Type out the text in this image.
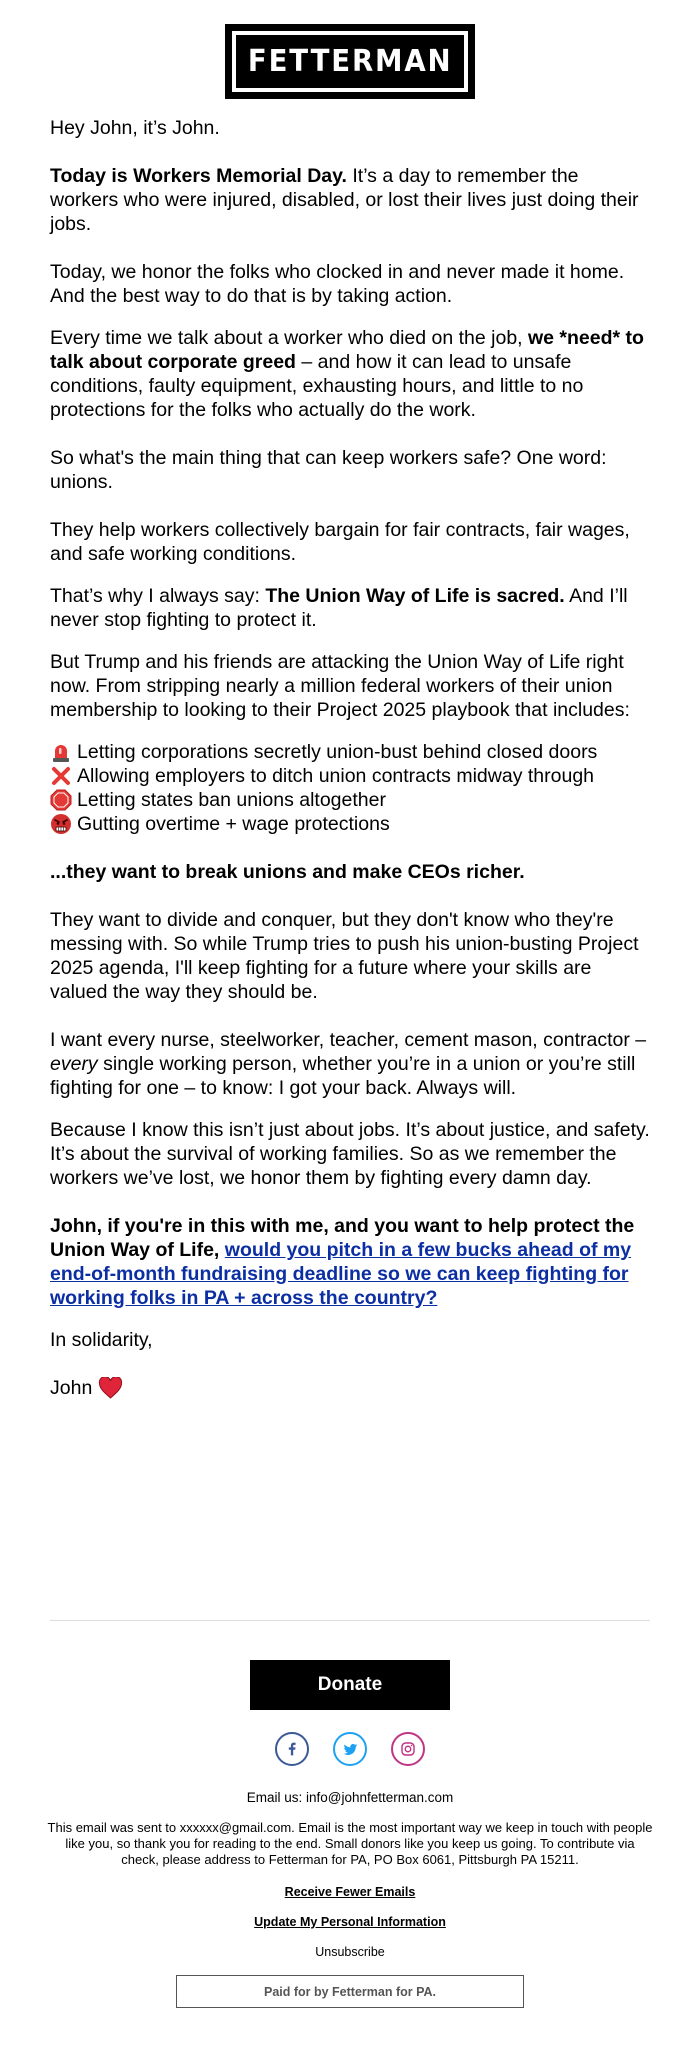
FETTERMAN

Hey John, it’s John.

Today is Workers Memorial Day. It’s a day to remember the workers who were injured, disabled, or lost their lives just doing their jobs.

Today, we honor the folks who clocked in and never made it home. And the best way to do that is by taking action.

Every time we talk about a worker who died on the job, we *need* to talk about corporate greed – and how it can lead to unsafe conditions, faulty equipment, exhausting hours, and little to no protections for the folks who actually do the work.

So what's the main thing that can keep workers safe? One word: unions.

They help workers collectively bargain for fair contracts, fair wages, and safe working conditions.

That’s why I always say: The Union Way of Life is sacred. And I’ll never stop fighting to protect it.

But Trump and his friends are attacking the Union Way of Life right now. From stripping nearly a million federal workers of their union membership to looking to their Project 2025 playbook that includes:

Letting corporations secretly union-bust behind closed doors
Allowing employers to ditch union contracts midway through
Letting states ban unions altogether
Gutting overtime + wage protections

...they want to break unions and make CEOs richer.

They want to divide and conquer, but they don't know who they're messing with. So while Trump tries to push his union-busting Project 2025 agenda, I'll keep fighting for a future where your skills are valued the way they should be.

I want every nurse, steelworker, teacher, cement mason, contractor – every single working person, whether you’re in a union or you’re still fighting for one – to know: I got your back. Always will.

Because I know this isn’t just about jobs. It’s about justice, and safety. It’s about the survival of working families. So as we remember the workers we’ve lost, we honor them by fighting every damn day.

John, if you're in this with me, and you want to help protect the Union Way of Life, would you pitch in a few bucks ahead of my end-of-month fundraising deadline so we can keep fighting for working folks in PA + across the country?

In solidarity,

John

Donate
Email us: info@johnfetterman.com
This email was sent to xxxxxx@gmail.com. Email is the most important way we keep in touch with people like you, so thank you for reading to the end. Small donors like you keep us going. To contribute via check, please address to Fetterman for PA, PO Box 6061, Pittsburgh PA 15211.
Receive Fewer Emails
Update My Personal Information
Unsubscribe
Paid for by Fetterman for PA.
